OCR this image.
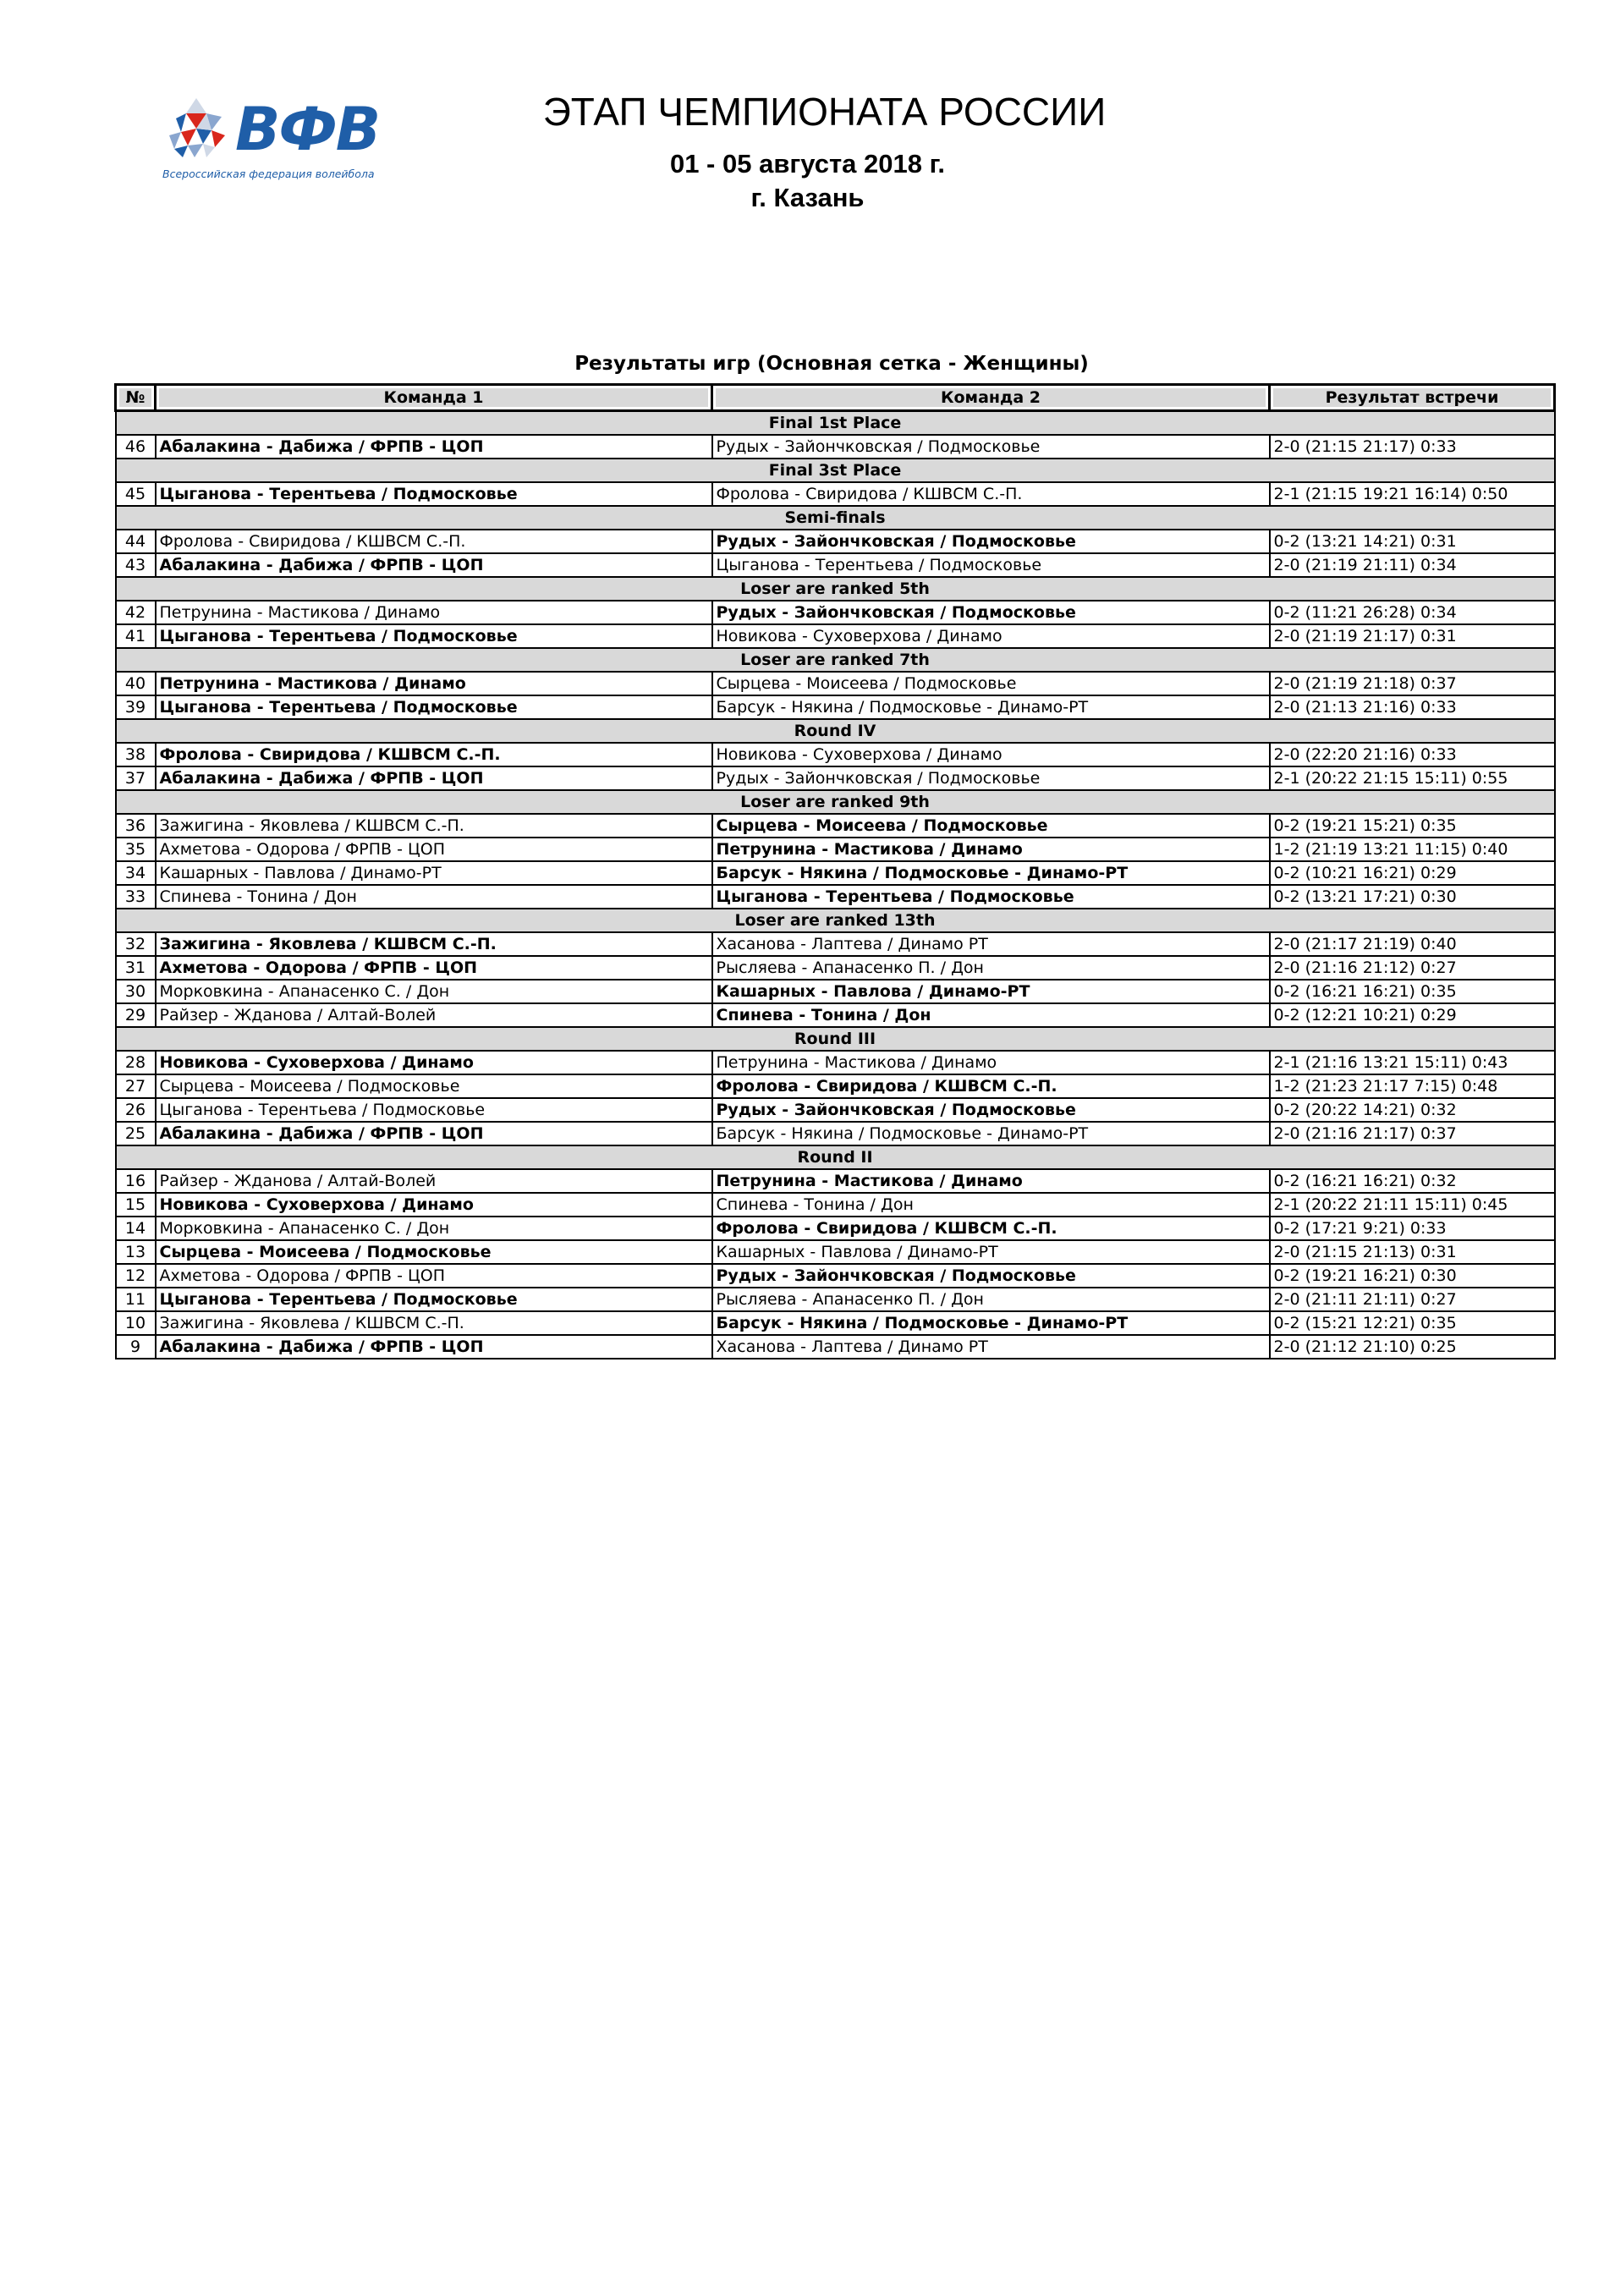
ВФВ
Всероссийская федерация волейбола
ЭТАП ЧЕМПИОНАТА РОССИИ
01 - 05 августа 2018 г.
г. Казань
Результаты игр (Основная сетка - Женщины)
№	Команда 1	Команда 2	Результат встречи
Final 1st Place			
46	Абалакина - Дабижа / ФРПВ - ЦОП	Рудых - Зайончковская / Подмосковье	2-0 (21:15 21:17) 0:33
Final 3st Place			
45	Цыганова - Терентьева / Подмосковье	Фролова - Свиридова / КШВСМ С.-П.	2-1 (21:15 19:21 16:14) 0:50
Semi-finals			
44	Фролова - Свиридова / КШВСМ С.-П.	Рудых - Зайончковская / Подмосковье	0-2 (13:21 14:21) 0:31
43	Абалакина - Дабижа / ФРПВ - ЦОП	Цыганова - Терентьева / Подмосковье	2-0 (21:19 21:11) 0:34
Loser are ranked 5th			
42	Петрунина - Мастикова / Динамо	Рудых - Зайончковская / Подмосковье	0-2 (11:21 26:28) 0:34
41	Цыганова - Терентьева / Подмосковье	Новикова - Суховерхова / Динамо	2-0 (21:19 21:17) 0:31
Loser are ranked 7th			
40	Петрунина - Мастикова / Динамо	Сырцева - Моисеева / Подмосковье	2-0 (21:19 21:18) 0:37
39	Цыганова - Терентьева / Подмосковье	Барсук - Някина / Подмосковье - Динамо-РТ	2-0 (21:13 21:16) 0:33
Round IV			
38	Фролова - Свиридова / КШВСМ С.-П.	Новикова - Суховерхова / Динамо	2-0 (22:20 21:16) 0:33
37	Абалакина - Дабижа / ФРПВ - ЦОП	Рудых - Зайончковская / Подмосковье	2-1 (20:22 21:15 15:11) 0:55
Loser are ranked 9th			
36	Зажигина - Яковлева / КШВСМ С.-П.	Сырцева - Моисеева / Подмосковье	0-2 (19:21 15:21) 0:35
35	Ахметова - Одорова / ФРПВ - ЦОП	Петрунина - Мастикова / Динамо	1-2 (21:19 13:21 11:15) 0:40
34	Кашарных - Павлова / Динамо-РТ	Барсук - Някина / Подмосковье - Динамо-РТ	0-2 (10:21 16:21) 0:29
33	Спинева - Тонина / Дон	Цыганова - Терентьева / Подмосковье	0-2 (13:21 17:21) 0:30
Loser are ranked 13th			
32	Зажигина - Яковлева / КШВСМ С.-П.	Хасанова - Лаптева / Динамо РТ	2-0 (21:17 21:19) 0:40
31	Ахметова - Одорова / ФРПВ - ЦОП	Рысляева - Апанасенко П. / Дон	2-0 (21:16 21:12) 0:27
30	Морковкина - Апанасенко С. / Дон	Кашарных - Павлова / Динамо-РТ	0-2 (16:21 16:21) 0:35
29	Райзер - Жданова / Алтай-Волей	Спинева - Тонина / Дон	0-2 (12:21 10:21) 0:29
Round III			
28	Новикова - Суховерхова / Динамо	Петрунина - Мастикова / Динамо	2-1 (21:16 13:21 15:11) 0:43
27	Сырцева - Моисеева / Подмосковье	Фролова - Свиридова / КШВСМ С.-П.	1-2 (21:23 21:17 7:15) 0:48
26	Цыганова - Терентьева / Подмосковье	Рудых - Зайончковская / Подмосковье	0-2 (20:22 14:21) 0:32
25	Абалакина - Дабижа / ФРПВ - ЦОП	Барсук - Някина / Подмосковье - Динамо-РТ	2-0 (21:16 21:17) 0:37
Round II			
16	Райзер - Жданова / Алтай-Волей	Петрунина - Мастикова / Динамо	0-2 (16:21 16:21) 0:32
15	Новикова - Суховерхова / Динамо	Спинева - Тонина / Дон	2-1 (20:22 21:11 15:11) 0:45
14	Морковкина - Апанасенко С. / Дон	Фролова - Свиридова / КШВСМ С.-П.	0-2 (17:21 9:21) 0:33
13	Сырцева - Моисеева / Подмосковье	Кашарных - Павлова / Динамо-РТ	2-0 (21:15 21:13) 0:31
12	Ахметова - Одорова / ФРПВ - ЦОП	Рудых - Зайончковская / Подмосковье	0-2 (19:21 16:21) 0:30
11	Цыганова - Терентьева / Подмосковье	Рысляева - Апанасенко П. / Дон	2-0 (21:11 21:11) 0:27
10	Зажигина - Яковлева / КШВСМ С.-П.	Барсук - Някина / Подмосковье - Динамо-РТ	0-2 (15:21 12:21) 0:35
9	Абалакина - Дабижа / ФРПВ - ЦОП	Хасанова - Лаптева / Динамо РТ	2-0 (21:12 21:10) 0:25
